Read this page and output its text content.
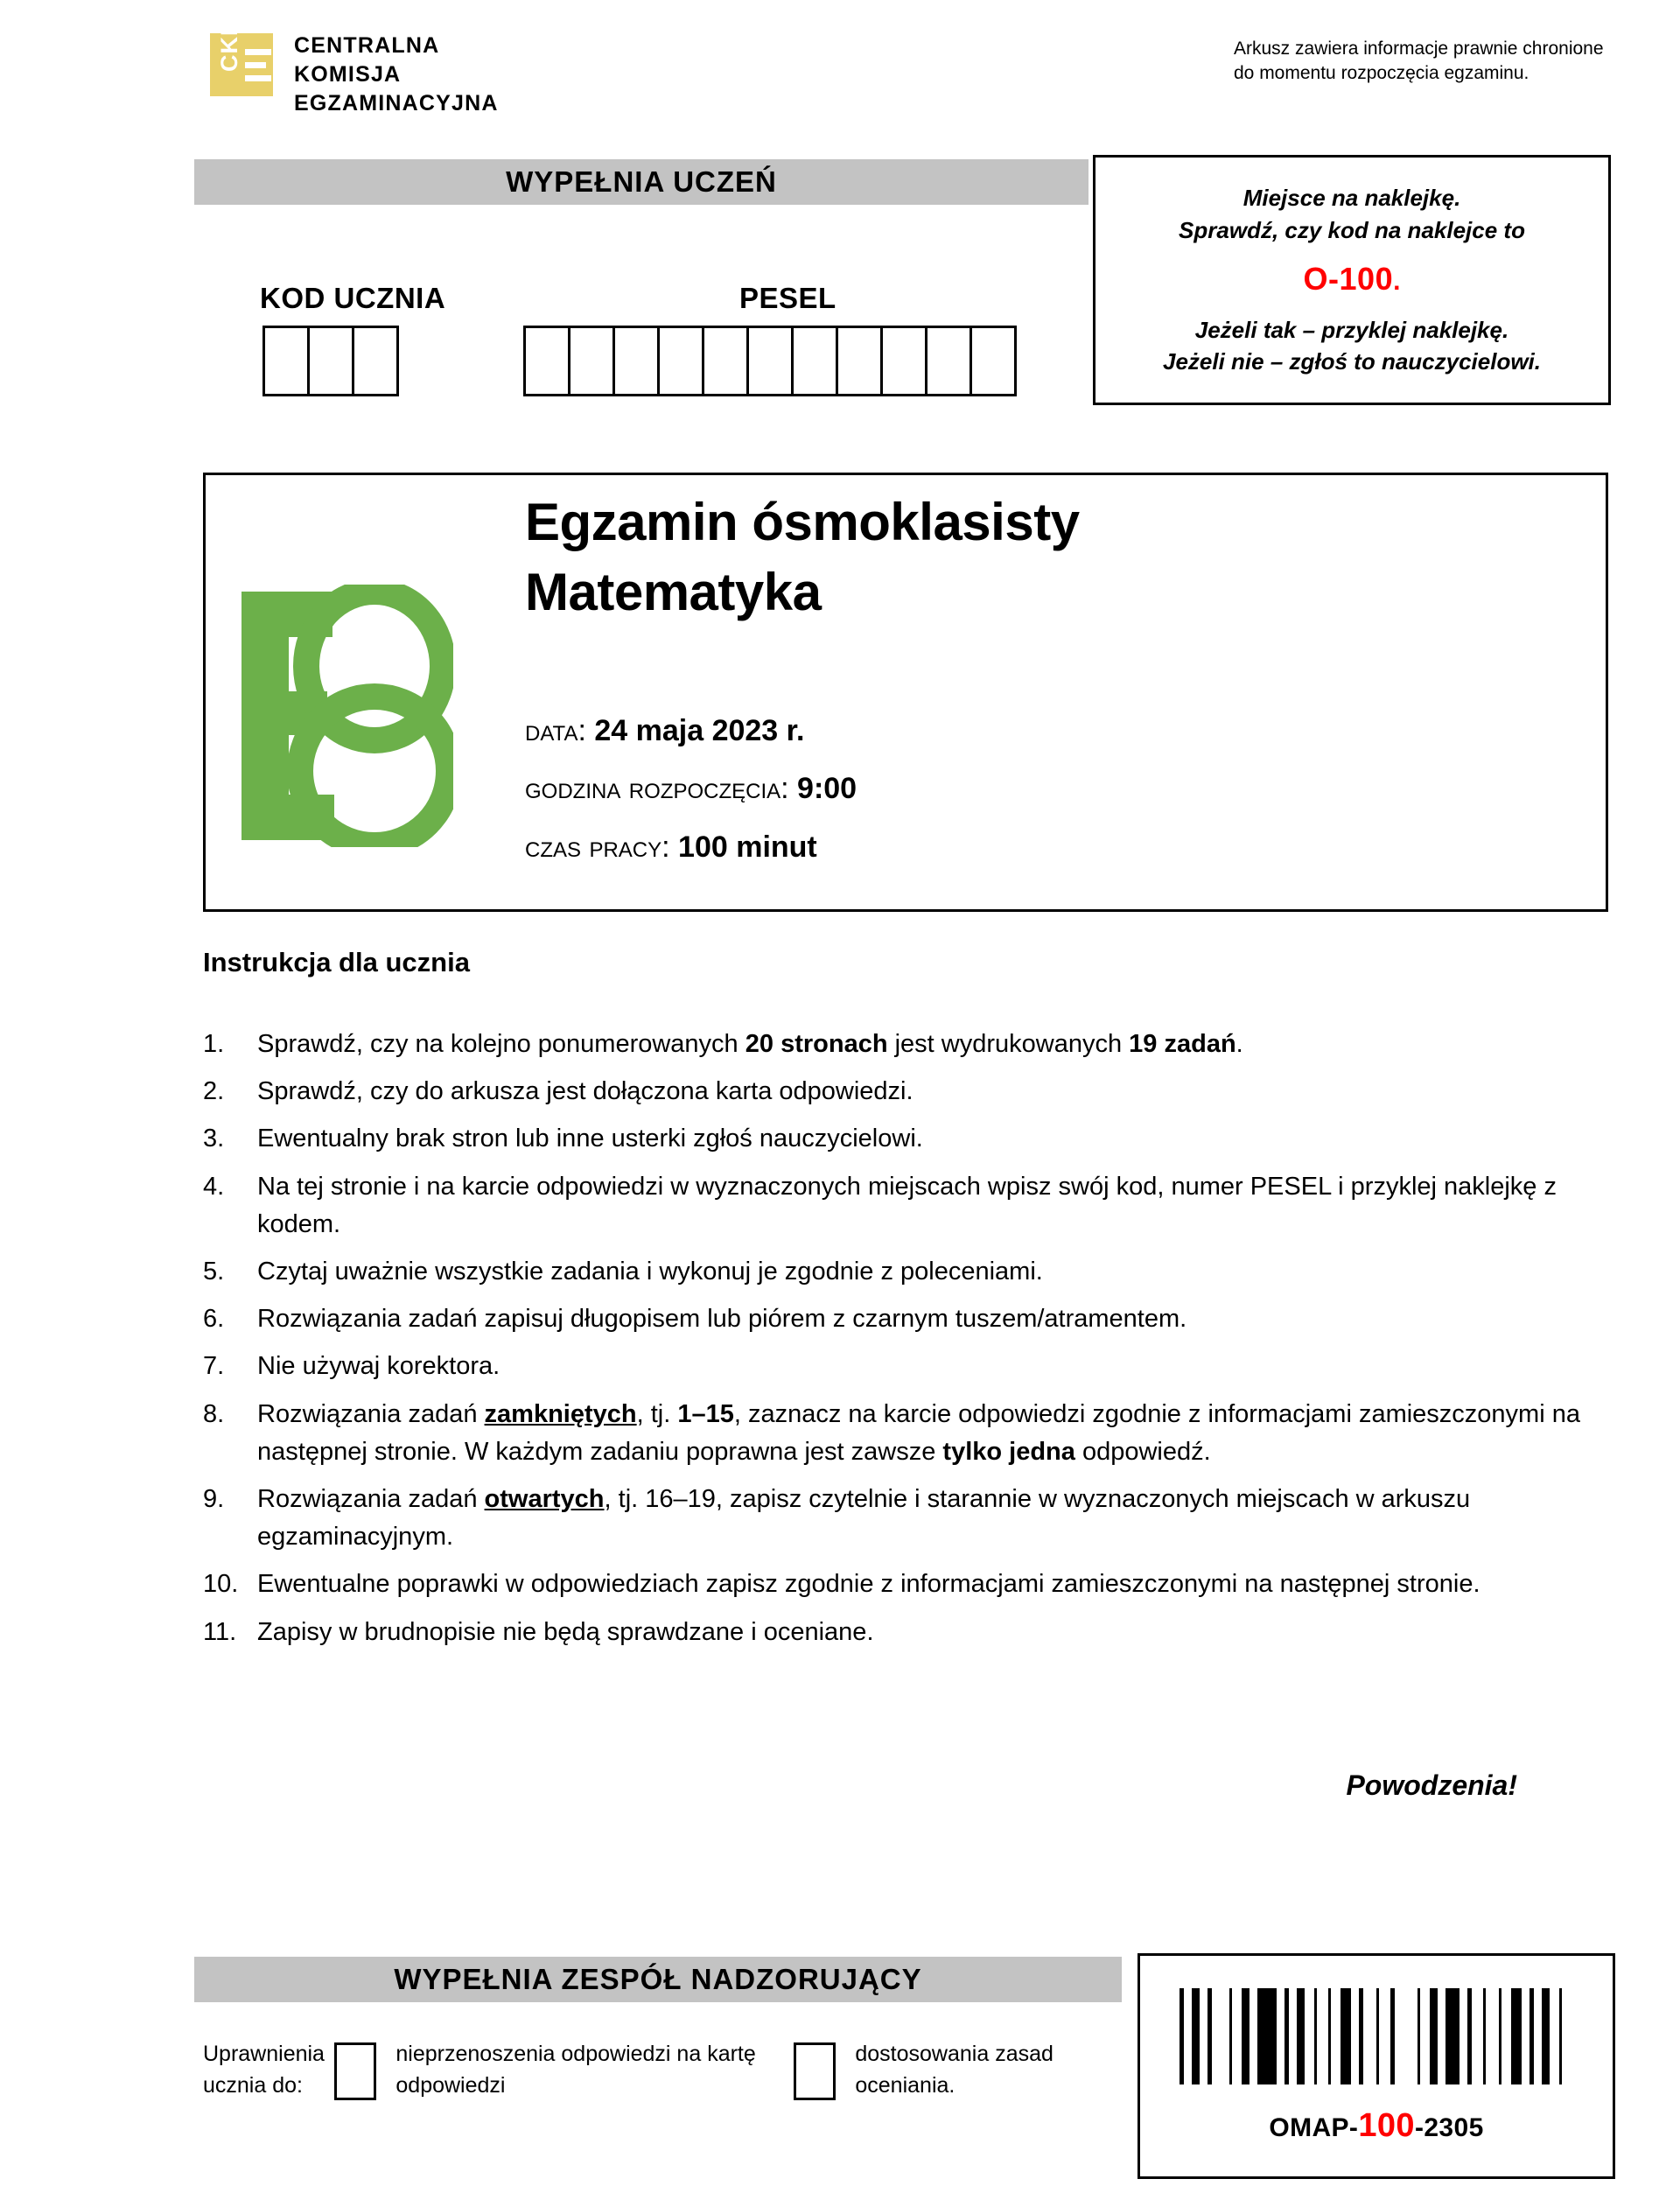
CKE CENTRALNA
KOMISJA
EGZAMINACYJNA
Arkusz zawiera informacje prawnie chronione do momentu rozpoczęcia egzaminu.
WYPEŁNIA UCZEŃ
KOD UCZNIA	PESEL
Miejsce na naklejkę.
Sprawdź, czy kod na naklejce to
O-100.
Jeżeli tak – przyklej naklejkę.
Jeżeli nie – zgłoś to nauczycielowi.
Egzamin ósmoklasisty
Matematyka
data: 24 maja 2023 r.
godzina rozpoczęcia: 9:00
czas pracy: 100 minut
Instrukcja dla ucznia
1.	Sprawdź, czy na kolejno ponumerowanych 20 stronach jest wydrukowanych 19 zadań.
2.	Sprawdź, czy do arkusza jest dołączona karta odpowiedzi.
3.	Ewentualny brak stron lub inne usterki zgłoś nauczycielowi.
4.	Na tej stronie i na karcie odpowiedzi w wyznaczonych miejscach wpisz swój kod, numer PESEL i przyklej naklejkę z kodem.
5.	Czytaj uważnie wszystkie zadania i wykonuj je zgodnie z poleceniami.
6.	Rozwiązania zadań zapisuj długopisem lub piórem z czarnym tuszem/atramentem.
7.	Nie używaj korektora.
8.	Rozwiązania zadań zamkniętych, tj. 1–15, zaznacz na karcie odpowiedzi zgodnie z informacjami zamieszczonymi na następnej stronie. W każdym zadaniu poprawna jest zawsze tylko jedna odpowiedź.
9.	Rozwiązania zadań otwartych, tj. 16–19, zapisz czytelnie i starannie w wyznaczonych miejscach w arkuszu egzaminacyjnym.
10. Ewentualne poprawki w odpowiedziach zapisz zgodnie z informacjami zamieszczonymi na następnej stronie.
11. Zapisy w brudnopisie nie będą sprawdzane i oceniane.
Powodzenia!
WYPEŁNIA ZESPÓŁ NADZORUJĄCY
Uprawnienia ucznia do:
nieprzenoszenia odpowiedzi na kartę odpowiedzi
dostosowania zasad oceniania.
OMAP-100-2305
